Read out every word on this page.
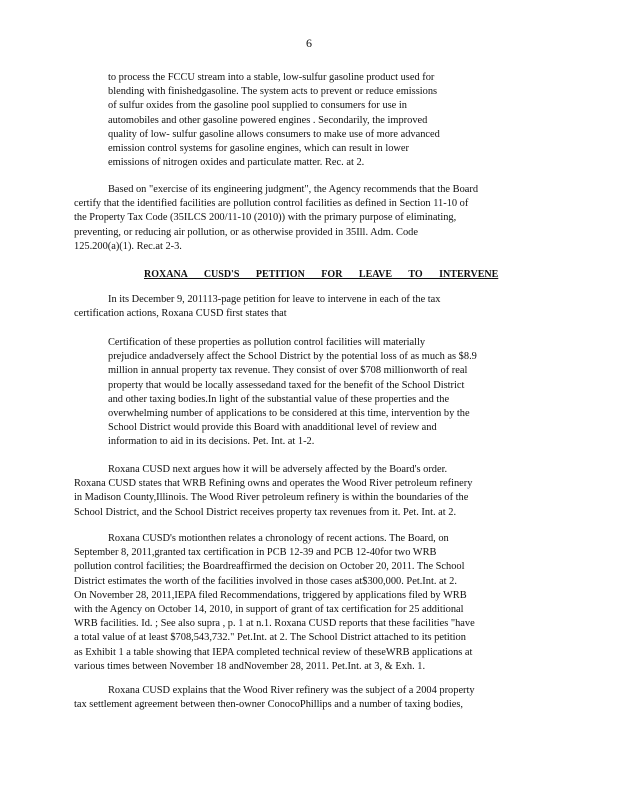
6
to process the FCCU stream into a stable, low-sulfur gasoline product used for
blending with finishedgasoline. The system acts to prevent or reduce emissions
of sulfur oxides from the gasoline pool supplied to consumers for use in
automobiles and other gasoline powered engines . Secondarily, the improved
quality of low- sulfur gasoline allows consumers to make use of more advanced
emission control systems for gasoline engines, which can result in lower
emissions of nitrogen oxides and particulate matter. Rec. at 2.
Based on "exercise of its engineering judgment", the Agency recommends that the Board
certify that the identified facilities are pollution control facilities as defined in Section 11-10 of
the Property Tax Code (35ILCS 200/11-10 (2010)) with the primary purpose of eliminating,
preventing, or reducing air pollution, or as otherwise provided in 35Ill. Adm. Code
125.200(a)(1). Rec.at 2-3.
ROXANA CUSD'S PETITION FOR LEAVE TO INTERVENE
In its December 9, 201113-page petition for leave to intervene in each of the tax
certification actions, Roxana CUSD first states that
Certification of these properties as pollution control facilities will materially
prejudice andadversely affect the School District by the potential loss of as much as $8.9
million in annual property tax revenue. They consist of over $708 millionworth of real
property that would be locally assessedand taxed for the benefit of the School District
and other taxing bodies.In light of the substantial value of these properties and the
overwhelming number of applications to be considered at this time, intervention by the
School District would provide this Board with anadditional level of review and
information to aid in its decisions. Pet. Int. at 1-2.
Roxana CUSD next argues how it will be adversely affected by the Board's order.
Roxana CUSD states that WRB Refining owns and operates the Wood River petroleum refinery
in Madison County,Illinois. The Wood River petroleum refinery is within the boundaries of the
School District, and the School District receives property tax revenues from it. Pet. Int. at 2.
Roxana CUSD's motionthen relates a chronology of recent actions. The Board, on
September 8, 2011,granted tax certification in PCB 12-39 and PCB 12-40for two WRB
pollution control facilities; the Boardreaffirmed the decision on October 20, 2011. The School
District estimates the worth of the facilities involved in those cases at$300,000. Pet.Int. at 2.
On November 28, 2011,IEPA filed Recommendations, triggered by applications filed by WRB
with the Agency on October 14, 2010, in support of grant of tax certification for 25 additional
WRB facilities. Id. ; See also supra , p. 1 at n.1. Roxana CUSD reports that these facilities "have
a total value of at least $708,543,732." Pet.Int. at 2. The School District attached to its petition
as Exhibit 1 a table showing that IEPA completed technical review of theseWRB applications at
various times between November 18 andNovember 28, 2011. Pet.Int. at 3, & Exh. 1.
Roxana CUSD explains that the Wood River refinery was the subject of a 2004 property
tax settlement agreement between then-owner ConocoPhillips and a number of taxing bodies,
